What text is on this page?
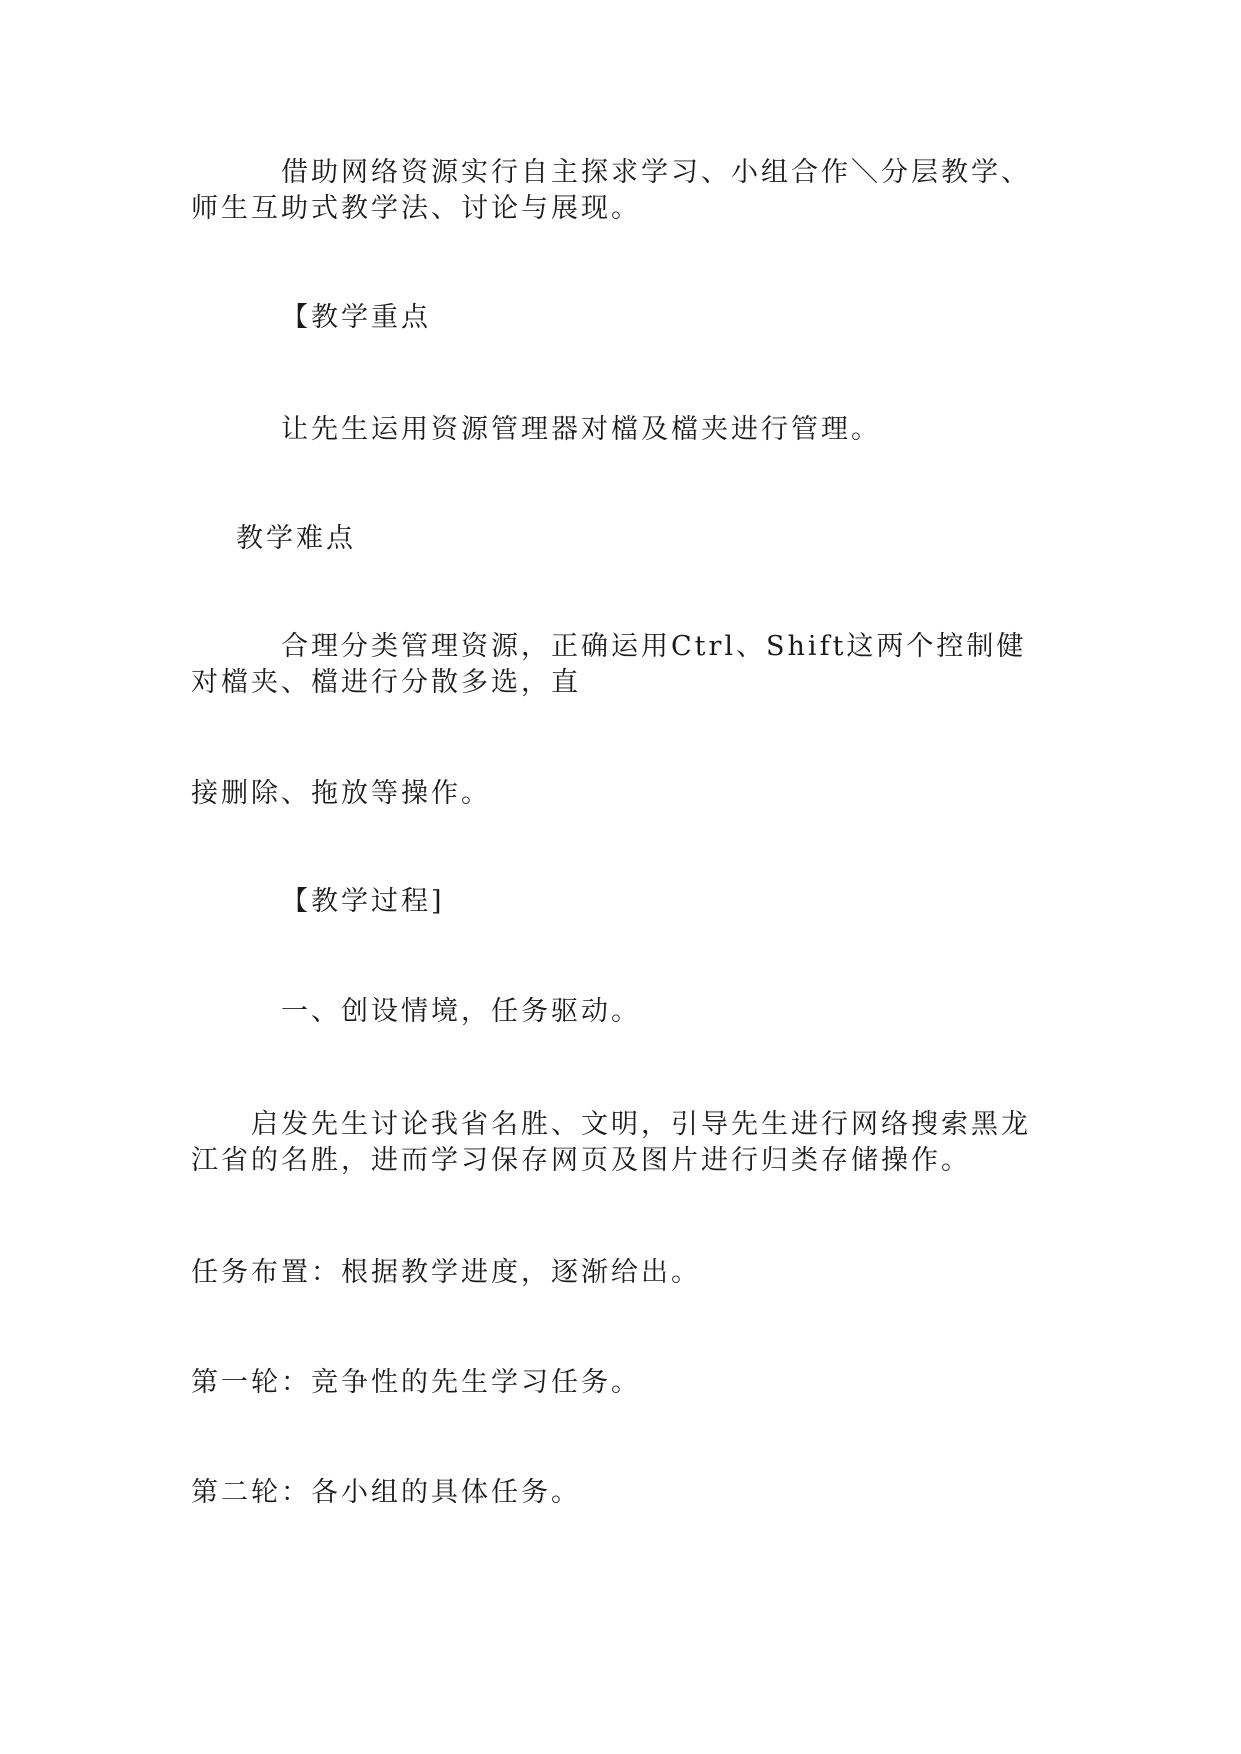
借助网络资源实行自主探求学习、小组合作＼分层教学、师生互助式教学法、讨论与展现。

【教学重点

让先生运用资源管理器对檔及檔夹进行管理。

教学难点

合理分类管理资源，正确运用Ctrl、Shift这两个控制健对檔夹、檔进行分散多选，直

接删除、拖放等操作。

【教学过程]

一、创设情境，任务驱动。

启发先生讨论我省名胜、文明，引导先生进行网络搜索黑龙江省的名胜，进而学习保存网页及图片进行归类存储操作。

任务布置：根据教学进度，逐渐给出。

第一轮：竞争性的先生学习任务。

第二轮：各小组的具体任务。
